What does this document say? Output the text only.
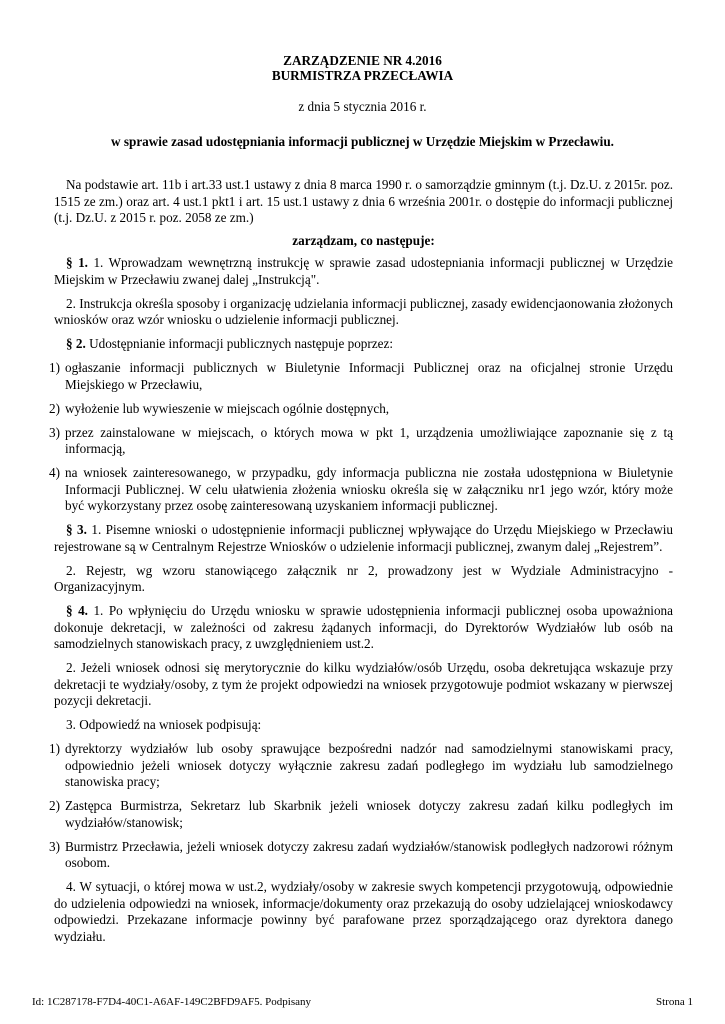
ZARZĄDZENIE NR 4.2016
BURMISTRZA PRZECŁAWIA
z dnia 5 stycznia 2016 r.
w sprawie zasad udostępniania informacji publicznej w Urzędzie Miejskim w Przecławiu.

Na podstawie art. 11b i art.33 ust.1 ustawy z dnia 8 marca 1990 r. o samorządzie gminnym (t.j. Dz.U. z 2015r. poz. 1515 ze zm.) oraz art. 4 ust.1 pkt1 i art. 15 ust.1 ustawy z dnia 6 września 2001r. o dostępie do informacji publicznej (t.j. Dz.U. z 2015 r. poz. 2058 ze zm.)

zarządzam, co następuje:

§ 1. 1. Wprowadzam wewnętrzną instrukcję w sprawie zasad udostepniania informacji publicznej w Urzędzie Miejskim w Przecławiu zwanej dalej „Instrukcją".

2. Instrukcja określa sposoby i organizację udzielania informacji publicznej, zasady ewidencjaonowania złożonych wniosków oraz wzór wniosku o udzielenie informacji publicznej.

§ 2. Udostępnianie informacji publicznych następuje poprzez:

1) ogłaszanie informacji publicznych w Biuletynie Informacji Publicznej oraz na oficjalnej stronie Urzędu Miejskiego w Przecławiu,
2) wyłożenie lub wywieszenie w miejscach ogólnie dostępnych,
3) przez zainstalowane w miejscach, o których mowa w pkt 1, urządzenia umożliwiające zapoznanie się z tą informacją,
4) na wniosek zainteresowanego, w przypadku, gdy informacja publiczna nie została udostępniona w Biuletynie Informacji Publicznej. W celu ułatwienia złożenia wniosku określa się w załączniku nr1 jego wzór, który może być wykorzystany przez osobę zainteresowaną uzyskaniem informacji publicznej.

§ 3. 1. Pisemne wnioski o udostępnienie informacji publicznej wpływające do Urzędu Miejskiego w Przecławiu rejestrowane są w Centralnym Rejestrze Wniosków o udzielenie informacji publicznej, zwanym dalej „Rejestrem”.

2. Rejestr, wg wzoru stanowiącego załącznik nr 2, prowadzony jest w Wydziale Administracyjno - Organizacyjnym.

§ 4. 1. Po wpłynięciu do Urzędu wniosku w sprawie udostępnienia informacji publicznej osoba upoważniona dokonuje dekretacji, w zależności od zakresu żądanych informacji, do Dyrektorów Wydziałów lub osób na samodzielnych stanowiskach pracy, z uwzględnieniem ust.2.

2. Jeżeli wniosek odnosi się merytorycznie do kilku wydziałów/osób Urzędu, osoba dekretująca wskazuje przy dekretacji te wydziały/osoby, z tym że projekt odpowiedzi na wniosek przygotowuje podmiot wskazany w pierwszej pozycji dekretacji.

3. Odpowiedź na wniosek podpisują:

1) dyrektorzy wydziałów lub osoby sprawujące bezpośredni nadzór nad samodzielnymi stanowiskami pracy, odpowiednio jeżeli wniosek dotyczy wyłącznie zakresu zadań podległego im wydziału lub samodzielnego stanowiska pracy;
2) Zastępca Burmistrza, Sekretarz lub Skarbnik jeżeli wniosek dotyczy zakresu zadań kilku podległych im wydziałów/stanowisk;
3) Burmistrz Przecławia, jeżeli wniosek dotyczy zakresu zadań wydziałów/stanowisk podległych nadzorowi różnym osobom.

4. W sytuacji, o której mowa w ust.2, wydziały/osoby w zakresie swych kompetencji przygotowują, odpowiednie do udzielenia odpowiedzi na wniosek, informacje/dokumenty oraz przekazują do osoby udzielającej wnioskodawcy odpowiedzi. Przekazane informacje powinny być parafowane przez sporządzającego oraz dyrektora danego wydziału.

Id: 1C287178-F7D4-40C1-A6AF-149C2BFD9AF5. Podpisany	Strona 1
